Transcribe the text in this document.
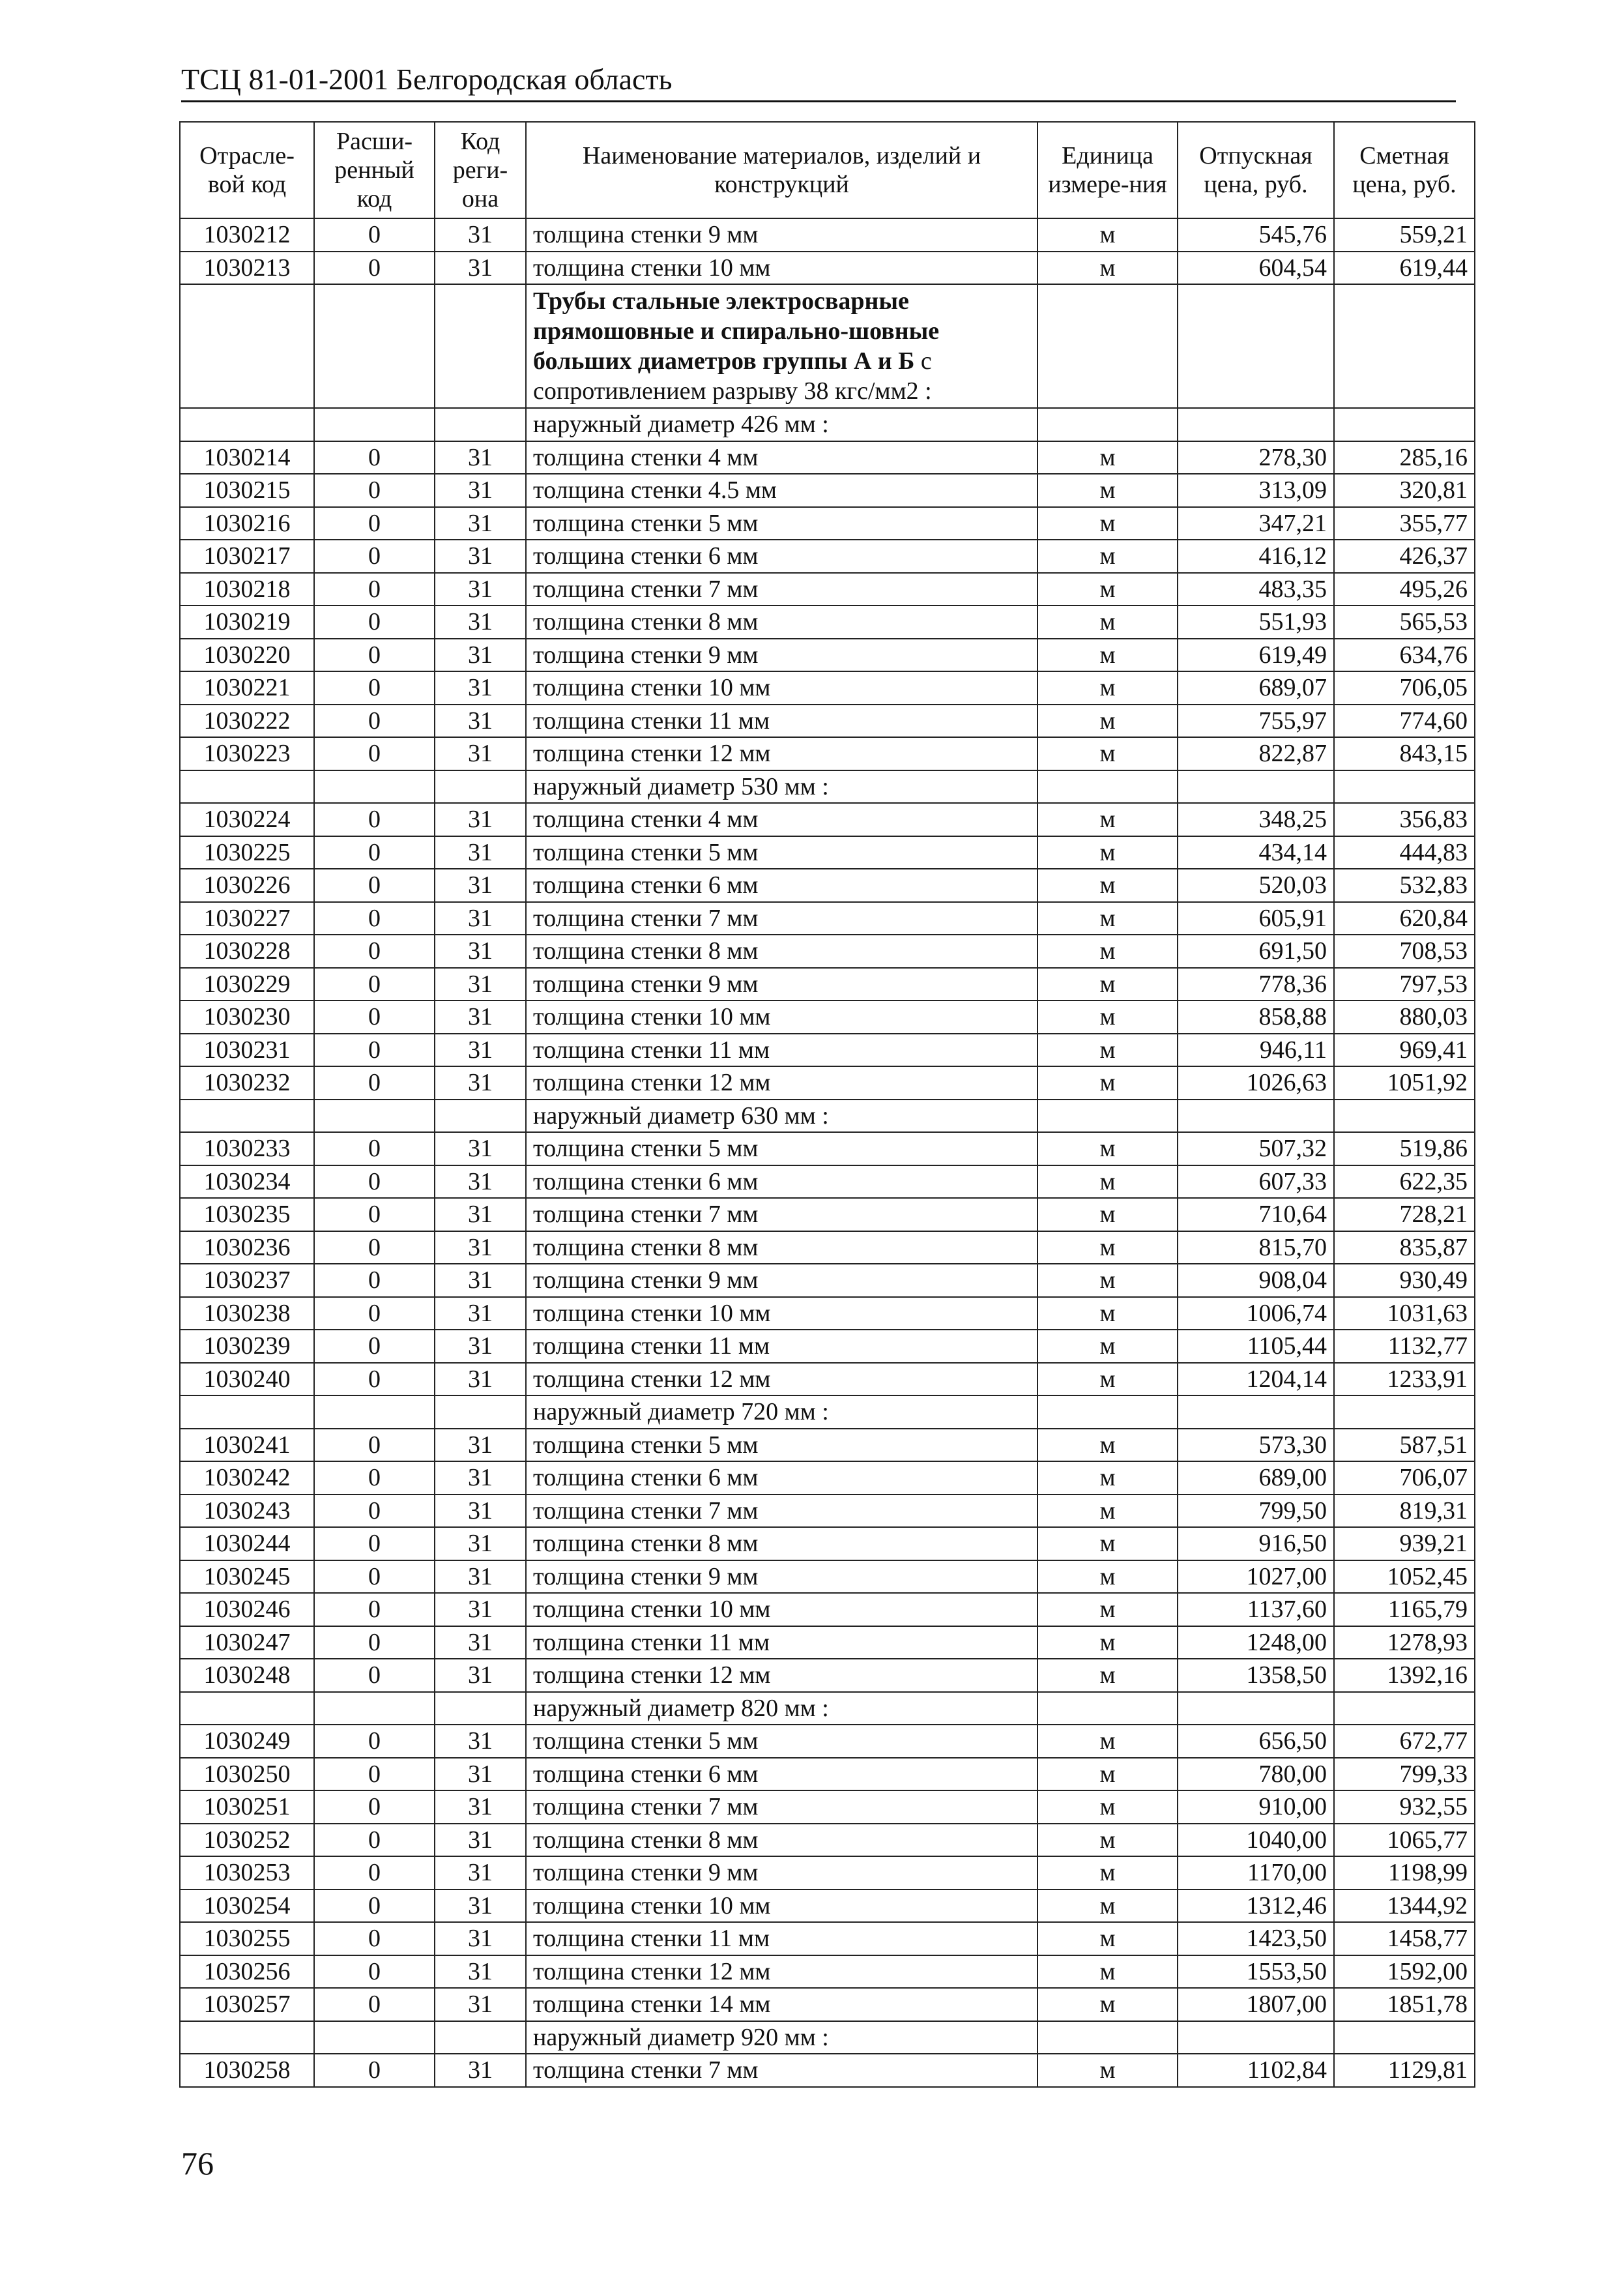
ТСЦ 81-01-2001 Белгородская область
Отрасле-вой код	Расши-ренный код	Код реги-она	Наименование материалов, изделий и конструкций	Единица измере-ния	Отпускная цена, руб.	Сметная цена, руб.
1030212	0	31	толщина стенки 9 мм	м	545,76	559,21
1030213	0	31	толщина стенки 10 мм	м	604,54	619,44
			Трубы стальные электросварные прямошовные и спирально-шовные больших диаметров группы А и Б с сопротивлением разрыву 38 кгс/мм2 :			
			наружный диаметр 426 мм :			
1030214	0	31	толщина стенки 4 мм	м	278,30	285,16
1030215	0	31	толщина стенки 4.5 мм	м	313,09	320,81
1030216	0	31	толщина стенки 5 мм	м	347,21	355,77
1030217	0	31	толщина стенки 6 мм	м	416,12	426,37
1030218	0	31	толщина стенки 7 мм	м	483,35	495,26
1030219	0	31	толщина стенки 8 мм	м	551,93	565,53
1030220	0	31	толщина стенки 9 мм	м	619,49	634,76
1030221	0	31	толщина стенки 10 мм	м	689,07	706,05
1030222	0	31	толщина стенки 11 мм	м	755,97	774,60
1030223	0	31	толщина стенки 12 мм	м	822,87	843,15
			наружный диаметр 530 мм :			
1030224	0	31	толщина стенки 4 мм	м	348,25	356,83
1030225	0	31	толщина стенки 5 мм	м	434,14	444,83
1030226	0	31	толщина стенки 6 мм	м	520,03	532,83
1030227	0	31	толщина стенки 7 мм	м	605,91	620,84
1030228	0	31	толщина стенки 8 мм	м	691,50	708,53
1030229	0	31	толщина стенки 9 мм	м	778,36	797,53
1030230	0	31	толщина стенки 10 мм	м	858,88	880,03
1030231	0	31	толщина стенки 11 мм	м	946,11	969,41
1030232	0	31	толщина стенки 12 мм	м	1026,63	1051,92
			наружный диаметр 630 мм :			
1030233	0	31	толщина стенки 5 мм	м	507,32	519,86
1030234	0	31	толщина стенки 6 мм	м	607,33	622,35
1030235	0	31	толщина стенки 7 мм	м	710,64	728,21
1030236	0	31	толщина стенки 8 мм	м	815,70	835,87
1030237	0	31	толщина стенки 9 мм	м	908,04	930,49
1030238	0	31	толщина стенки 10 мм	м	1006,74	1031,63
1030239	0	31	толщина стенки 11 мм	м	1105,44	1132,77
1030240	0	31	толщина стенки 12 мм	м	1204,14	1233,91
			наружный диаметр 720 мм :			
1030241	0	31	толщина стенки 5 мм	м	573,30	587,51
1030242	0	31	толщина стенки 6 мм	м	689,00	706,07
1030243	0	31	толщина стенки 7 мм	м	799,50	819,31
1030244	0	31	толщина стенки 8 мм	м	916,50	939,21
1030245	0	31	толщина стенки 9 мм	м	1027,00	1052,45
1030246	0	31	толщина стенки 10 мм	м	1137,60	1165,79
1030247	0	31	толщина стенки 11 мм	м	1248,00	1278,93
1030248	0	31	толщина стенки 12 мм	м	1358,50	1392,16
			наружный диаметр 820 мм :			
1030249	0	31	толщина стенки 5 мм	м	656,50	672,77
1030250	0	31	толщина стенки 6 мм	м	780,00	799,33
1030251	0	31	толщина стенки 7 мм	м	910,00	932,55
1030252	0	31	толщина стенки 8 мм	м	1040,00	1065,77
1030253	0	31	толщина стенки 9 мм	м	1170,00	1198,99
1030254	0	31	толщина стенки 10 мм	м	1312,46	1344,92
1030255	0	31	толщина стенки 11 мм	м	1423,50	1458,77
1030256	0	31	толщина стенки 12 мм	м	1553,50	1592,00
1030257	0	31	толщина стенки 14 мм	м	1807,00	1851,78
			наружный диаметр 920 мм :			
1030258	0	31	толщина стенки 7 мм	м	1102,84	1129,81
76
